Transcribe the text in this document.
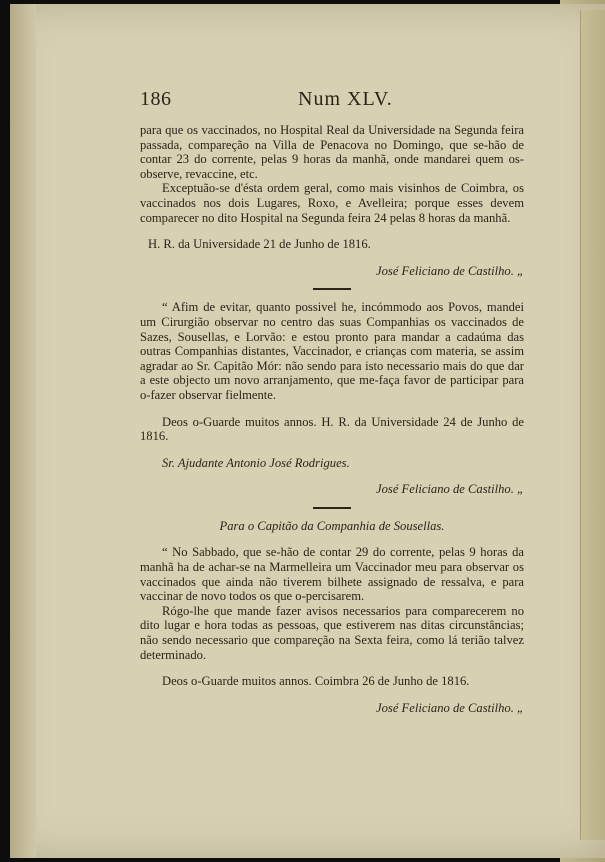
186	Num XLV.

para que os vaccinados, no Hospital Real da Universidade na Segunda feira passada, compareção na Villa de Penacova no Domingo, que se-hão de contar 23 do corrente, pelas 9 horas da manhã, onde mandarei quem os-observe, revaccine, etc.

Exceptuão-se d'ésta ordem geral, como mais visinhos de Coimbra, os vaccinados nos dois Lugares, Roxo, e Avelleira; porque esses devem comparecer no dito Hospital na Segunda feira 24 pelas 8 horas da manhã.

H. R. da Universidade 21 de Junho de 1816.

José Feliciano de Castilho. „

“ Afim de evitar, quanto possivel he, incómmodo aos Povos, mandei um Cirurgião observar no centro das suas Companhias os vaccinados de Sazes, Sousellas, e Lorvão: e estou pronto para mandar a cadaúma das outras Companhias distantes, Vaccinador, e crianças com materia, se assim agradar ao Sr. Capitão Mór: não sendo para isto necessario mais do que dar a este objecto um novo arranjamento, que me-faça favor de participar para o-fazer observar fielmente.

Deos o-Guarde muitos annos. H. R. da Universidade 24 de Junho de 1816.

Sr. Ajudante Antonio José Rodrigues.

José Feliciano de Castilho. „

Para o Capitão da Companhia de Sousellas.

“ No Sabbado, que se-hão de contar 29 do corrente, pelas 9 horas da manhã ha de achar-se na Marmelleira um Vaccinador meu para observar os vaccinados que ainda não tiverem bilhete assignado de ressalva, e para vaccinar de novo todos os que o-percisarem.

Rógo-lhe que mande fazer avisos necessarios para comparecerem no dito lugar e hora todas as pessoas, que estiverem nas ditas circunstâncias; não sendo necessario que compareção na Sexta feira, como lá terião talvez determinado.

Deos o-Guarde muitos annos. Coimbra 26 de Junho de 1816.

José Feliciano de Castilho. „
